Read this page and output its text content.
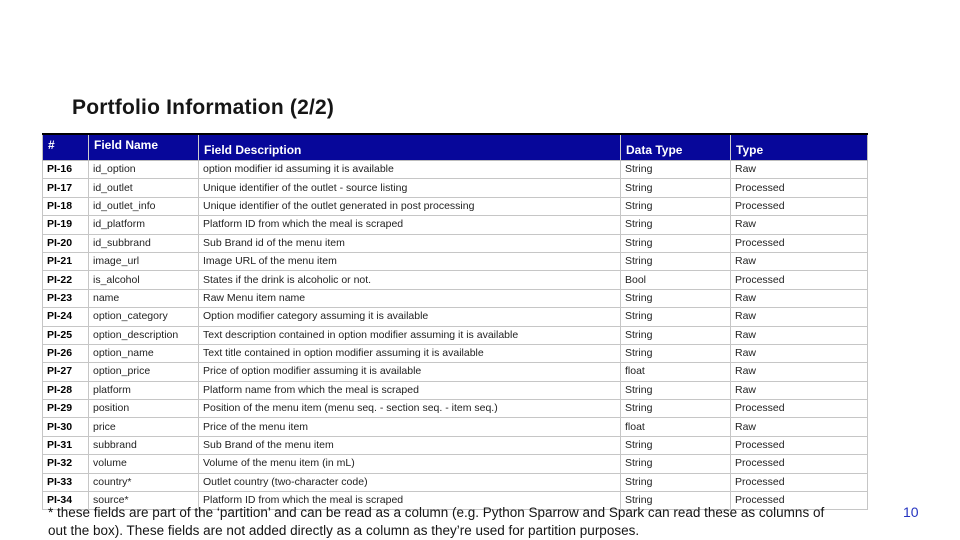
Portfolio Information (2/2)
#	Field Name	Field Description	Data Type	Type
PI-16	id_option	option modifier id assuming it is available	String	Raw
PI-17	id_outlet	Unique identifier of the outlet - source listing	String	Processed
PI-18	id_outlet_info	Unique identifier of the outlet generated in post processing	String	Processed
PI-19	id_platform	Platform ID from which the meal is scraped	String	Raw
PI-20	id_subbrand	Sub Brand id of the menu item	String	Processed
PI-21	image_url	Image URL of the menu item	String	Raw
PI-22	is_alcohol	States if the drink is alcoholic or not.	Bool	Processed
PI-23	name	Raw Menu item name	String	Raw
PI-24	option_category	Option modifier category assuming it is available	String	Raw
PI-25	option_description	Text description contained in option modifier assuming it is available	String	Raw
PI-26	option_name	Text title contained in option modifier assuming it is available	String	Raw
PI-27	option_price	Price of option modifier assuming it is available	float	Raw
PI-28	platform	Platform name from which the meal is scraped	String	Raw
PI-29	position	Position of the menu item (menu seq. - section seq. - item seq.)	String	Processed
PI-30	price	Price of the menu item	float	Raw
PI-31	subbrand	Sub Brand of the menu item	String	Processed
PI-32	volume	Volume of the menu item (in mL)	String	Processed
PI-33	country*	Outlet country (two-character code)	String	Processed
PI-34	source*	Platform ID from which the meal is scraped	String	Processed
* these fields are part of the ‘partition’ and can be read as a column (e.g. Python Sparrow and Spark can read these as columns of
out the box). These fields are not added directly as a column as they’re used for partition purposes.
10
